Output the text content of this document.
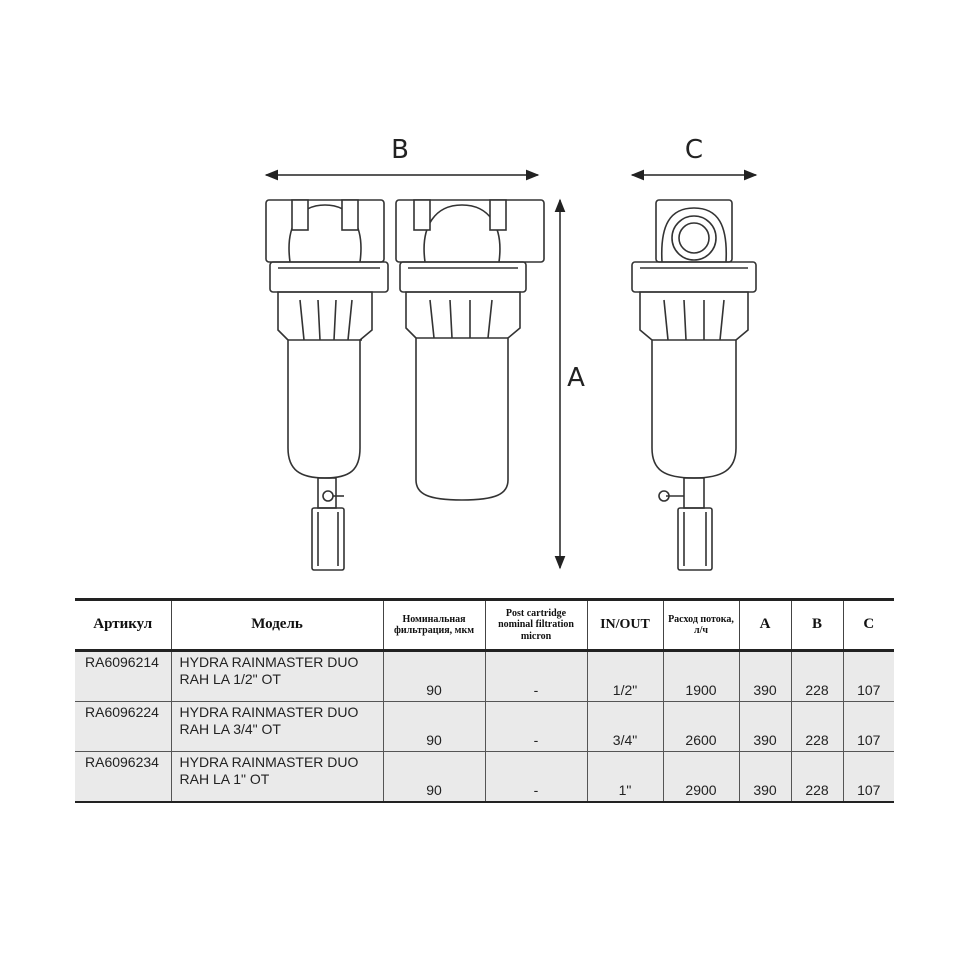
B	C
A
Артикул	Модель	Номинальная фильтрация, мкм	Post cartridge nominal filtration micron	IN/OUT	Расход потока, л/ч	A	B	C
RA6096214	HYDRA RAINMASTER DUO
RAH LA 1/2" OT	90	-	1/2"	1900	390	228	107
RA6096224	HYDRA RAINMASTER DUO
RAH LA 3/4" OT	90	-	3/4"	2600	390	228	107
RA6096234	HYDRA RAINMASTER DUO
RAH LA 1" OT	90	-	1"	2900	390	228	107
